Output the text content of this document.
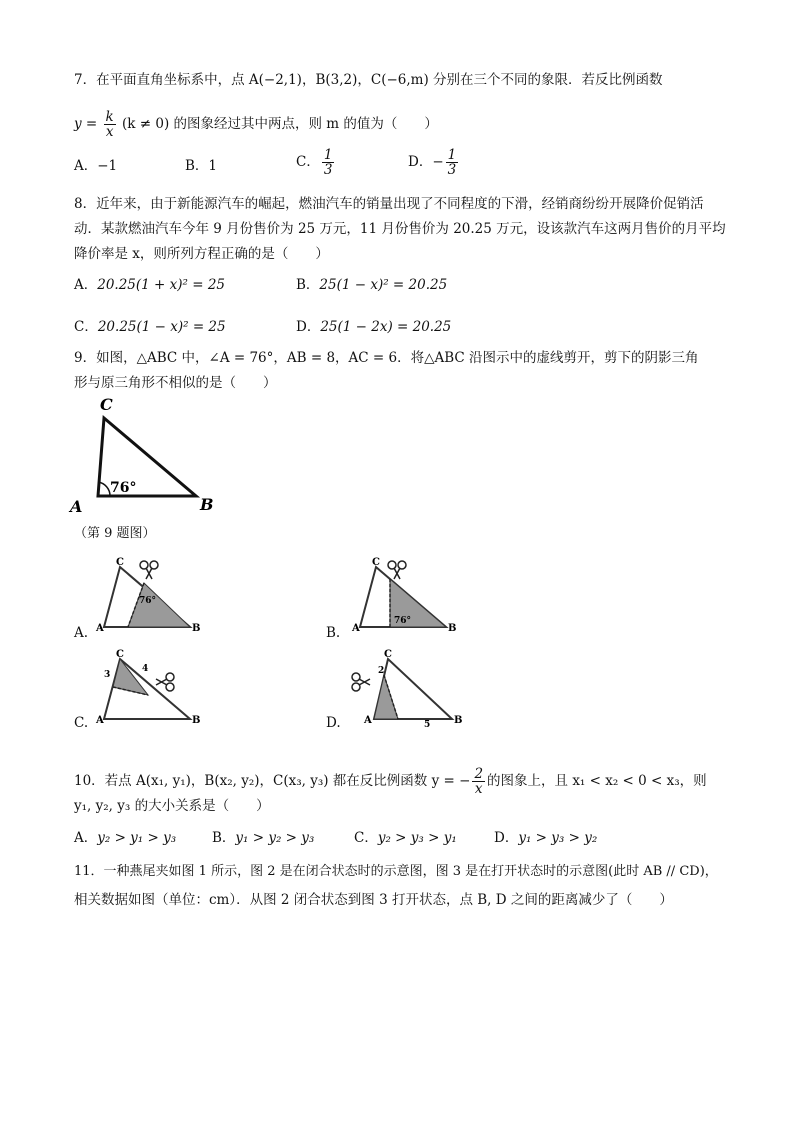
7．在平面直角坐标系中，点 A(−2,1)，B(3,2)，C(−6,m) 分别在三个不同的象限．若反比例函数
$y = \frac{k}{x} (k \ne 0)$ 的图象经过其中两点，则 m 的值为（　　）
A．−1	B．1	C． $\frac{1}{3}$	D．− $\frac{1}{3}$
8．近年来，由于新能源汽车的崛起，燃油汽车的销量出现了不同程度的下滑，经销商纷纷开展降价促销活
动．某款燃油汽车今年 9 月份售价为 25 万元，11 月份售价为 20.25 万元，设该款汽车这两月售价的月平均
降价率是 x，则所列方程正确的是（　　）
A．20.25(1 + x)² = 25	B．25(1 − x)² = 20.25
C．20.25(1 − x)² = 25	D．25(1 − 2x) = 20.25
9．如图，△ABC 中，∠A = 76°，AB = 8，AC = 6．将△ABC 沿图示中的虚线剪开，剪下的阴影三角
形与原三角形不相似的是（　　）
C
A	B
76°
（第 9 题图）
A.
C
A	B
76°
B.
C
A	B
76°
C.
C
A	B
3
4
D.
2
C
A	B
5
10．若点 A(x₁, y₁)，B(x₂, y₂)，C(x₃, y₃) 都在反比例函数 y = − $\frac{2}{x}$ 的图象上，且 x₁ < x₂ < 0 < x₃，则
y₁, y₂, y₃ 的大小关系是（　　）
A．y₂ > y₁ > y₃	B．y₁ > y₂ > y₃	C．y₂ > y₃ > y₁	D．y₁ > y₃ > y₂
11．一种燕尾夹如图 1 所示，图 2 是在闭合状态时的示意图，图 3 是在打开状态时的示意图(此时 AB // CD)，
相关数据如图（单位：cm）．从图 2 闭合状态到图 3 打开状态，点 B, D 之间的距离减少了（　　）
